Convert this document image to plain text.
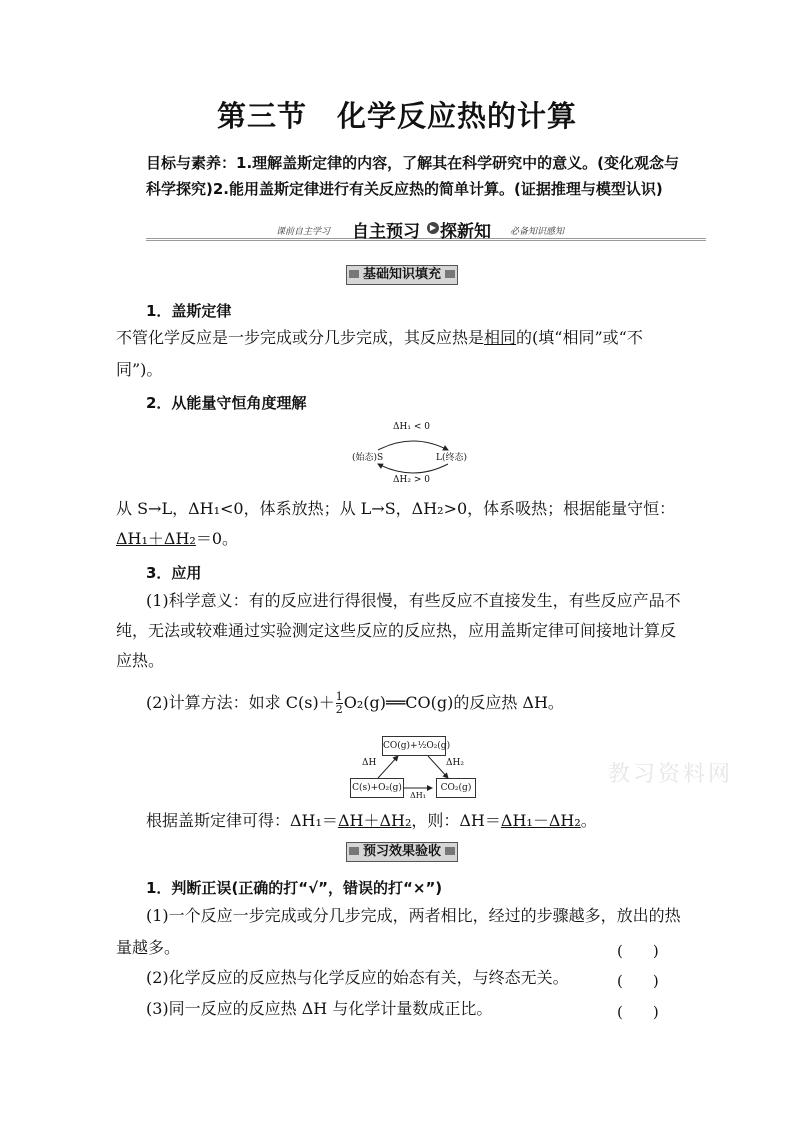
第三节　化学反应热的计算
目标与素养：1.理解盖斯定律的内容，了解其在科学研究中的意义。(变化观念与科学探究)2.能用盖斯定律进行有关反应热的简单计算。(证据推理与模型认识)
课前自主学习 自主预习	▶ 探新知 必备知识感知
基础知识填充
1．盖斯定律
不管化学反应是一步完成或分几步完成，其反应热是相同的(填“相同”或“不
同”)。
2．从能量守恒角度理解
ΔH₁ < 0
(始态)S	L(终态)
ΔH₂ > 0
从 S→L，ΔH₁<0，体系放热；从 L→S，ΔH₂>0，体系吸热；根据能量守恒：
ΔH₁＋ΔH₂＝0。
3．应用
(1)科学意义：有的反应进行得很慢，有些反应不直接发生，有些反应产品不
纯，无法或较难通过实验测定这些反应的反应热，应用盖斯定律可间接地计算反
应热。
(2)计算方法：如求 $C(s)+ \frac{1}{2}$ O₂(g)══CO(g)的反应热 ΔH。
CO(g)+½O₂(g)
C(s)+O₂(g)	CO₂(g)
ΔH	ΔH₂
ΔH₁
教习资料网
根据盖斯定律可得：ΔH₁＝ΔH＋ΔH₂，则：ΔH＝ΔH₁－ΔH₂。
预习效果验收
1．判断正误(正确的打“√”，错误的打“×”)
(1)一个反应一步完成或分几步完成，两者相比，经过的步骤越多，放出的热
量越多。	(　　)
(2)化学反应的反应热与化学反应的始态有关，与终态无关。	(　　)
(3)同一反应的反应热 ΔH 与化学计量数成正比。	(　　)
